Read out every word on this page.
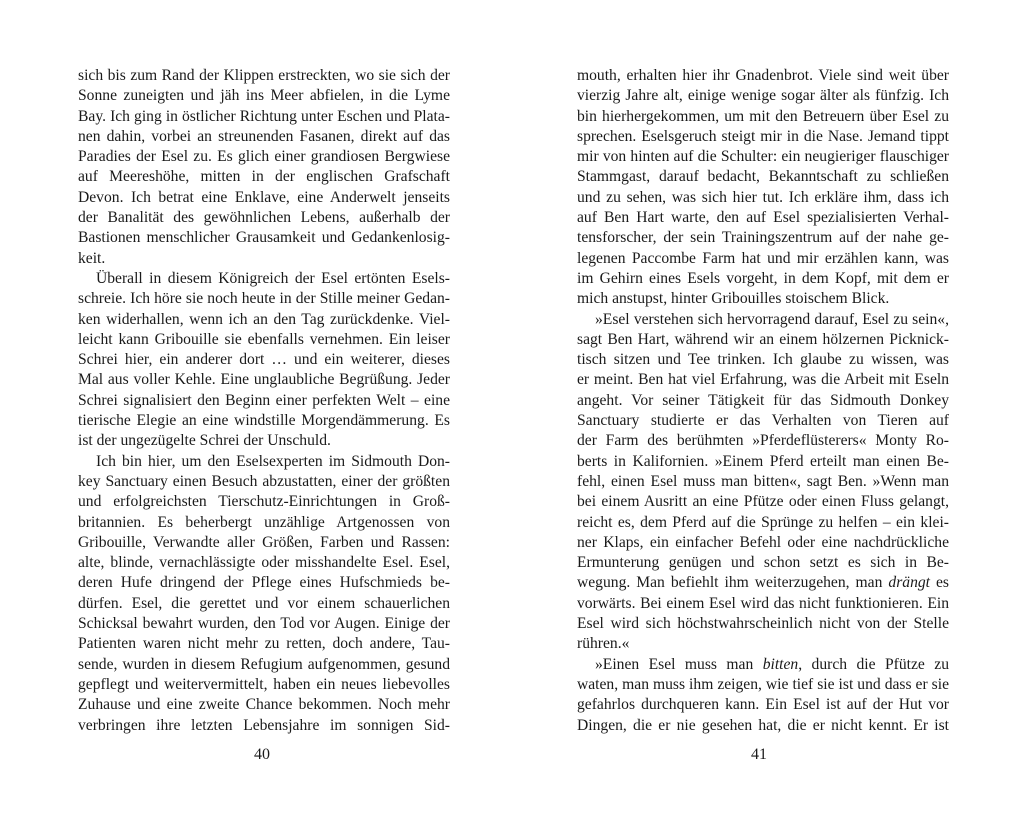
sich bis zum Rand der Klippen erstreckten, wo sie sich der
Sonne zuneigten und jäh ins Meer abfielen, in die Lyme
Bay. Ich ging in östlicher Richtung unter Eschen und Plata-
nen dahin, vorbei an streunenden Fasanen, direkt auf das
Paradies der Esel zu. Es glich einer grandiosen Bergwiese
auf Meereshöhe, mitten in der englischen Grafschaft
Devon. Ich betrat eine Enklave, eine Anderwelt jenseits
der Banalität des gewöhnlichen Lebens, außerhalb der
Bastionen menschlicher Grausamkeit und Gedankenlosig-
keit.
Überall in diesem Königreich der Esel ertönten Esels-
schreie. Ich höre sie noch heute in der Stille meiner Gedan-
ken widerhallen, wenn ich an den Tag zurückdenke. Viel-
leicht kann Gribouille sie ebenfalls vernehmen. Ein leiser
Schrei hier, ein anderer dort … und ein weiterer, dieses
Mal aus voller Kehle. Eine unglaubliche Begrüßung. Jeder
Schrei signalisiert den Beginn einer perfekten Welt – eine
tierische Elegie an eine windstille Morgendämmerung. Es
ist der ungezügelte Schrei der Unschuld.
Ich bin hier, um den Eselsexperten im Sidmouth Don-
key Sanctuary einen Besuch abzustatten, einer der größten
und erfolgreichsten Tierschutz-Einrichtungen in Groß-
britannien. Es beherbergt unzählige Artgenossen von
Gribouille, Verwandte aller Größen, Farben und Rassen:
alte, blinde, vernachlässigte oder misshandelte Esel. Esel,
deren Hufe dringend der Pflege eines Hufschmieds be-
dürfen. Esel, die gerettet und vor einem schauerlichen
Schicksal bewahrt wurden, den Tod vor Augen. Einige der
Patienten waren nicht mehr zu retten, doch andere, Tau-
sende, wurden in diesem Refugium aufgenommen, gesund
gepflegt und weitervermittelt, haben ein neues liebevolles
Zuhause und eine zweite Chance bekommen. Noch mehr
verbringen ihre letzten Lebensjahre im sonnigen Sid-
40
mouth, erhalten hier ihr Gnadenbrot. Viele sind weit über
vierzig Jahre alt, einige wenige sogar älter als fünfzig. Ich
bin hierhergekommen, um mit den Betreuern über Esel zu
sprechen. Eselsgeruch steigt mir in die Nase. Jemand tippt
mir von hinten auf die Schulter: ein neugieriger flauschiger
Stammgast, darauf bedacht, Bekanntschaft zu schließen
und zu sehen, was sich hier tut. Ich erkläre ihm, dass ich
auf Ben Hart warte, den auf Esel spezialisierten Verhal-
tensforscher, der sein Trainingszentrum auf der nahe ge-
legenen Paccombe Farm hat und mir erzählen kann, was
im Gehirn eines Esels vorgeht, in dem Kopf, mit dem er
mich anstupst, hinter Gribouilles stoischem Blick.
»Esel verstehen sich hervorragend darauf, Esel zu sein«,
sagt Ben Hart, während wir an einem hölzernen Picknick-
tisch sitzen und Tee trinken. Ich glaube zu wissen, was
er meint. Ben hat viel Erfahrung, was die Arbeit mit Eseln
angeht. Vor seiner Tätigkeit für das Sidmouth Donkey
Sanctuary studierte er das Verhalten von Tieren auf
der Farm des berühmten »Pferdeflüsterers« Monty Ro-
berts in Kalifornien. »Einem Pferd erteilt man einen Be-
fehl, einen Esel muss man bitten«, sagt Ben. »Wenn man
bei einem Ausritt an eine Pfütze oder einen Fluss gelangt,
reicht es, dem Pferd auf die Sprünge zu helfen – ein klei-
ner Klaps, ein einfacher Befehl oder eine nachdrückliche
Ermunterung genügen und schon setzt es sich in Be-
wegung. Man befiehlt ihm weiterzugehen, man drängt es
vorwärts. Bei einem Esel wird das nicht funktionieren. Ein
Esel wird sich höchstwahrscheinlich nicht von der Stelle
rühren.«
»Einen Esel muss man bitten, durch die Pfütze zu
waten, man muss ihm zeigen, wie tief sie ist und dass er sie
gefahrlos durchqueren kann. Ein Esel ist auf der Hut vor
Dingen, die er nie gesehen hat, die er nicht kennt. Er ist
41
